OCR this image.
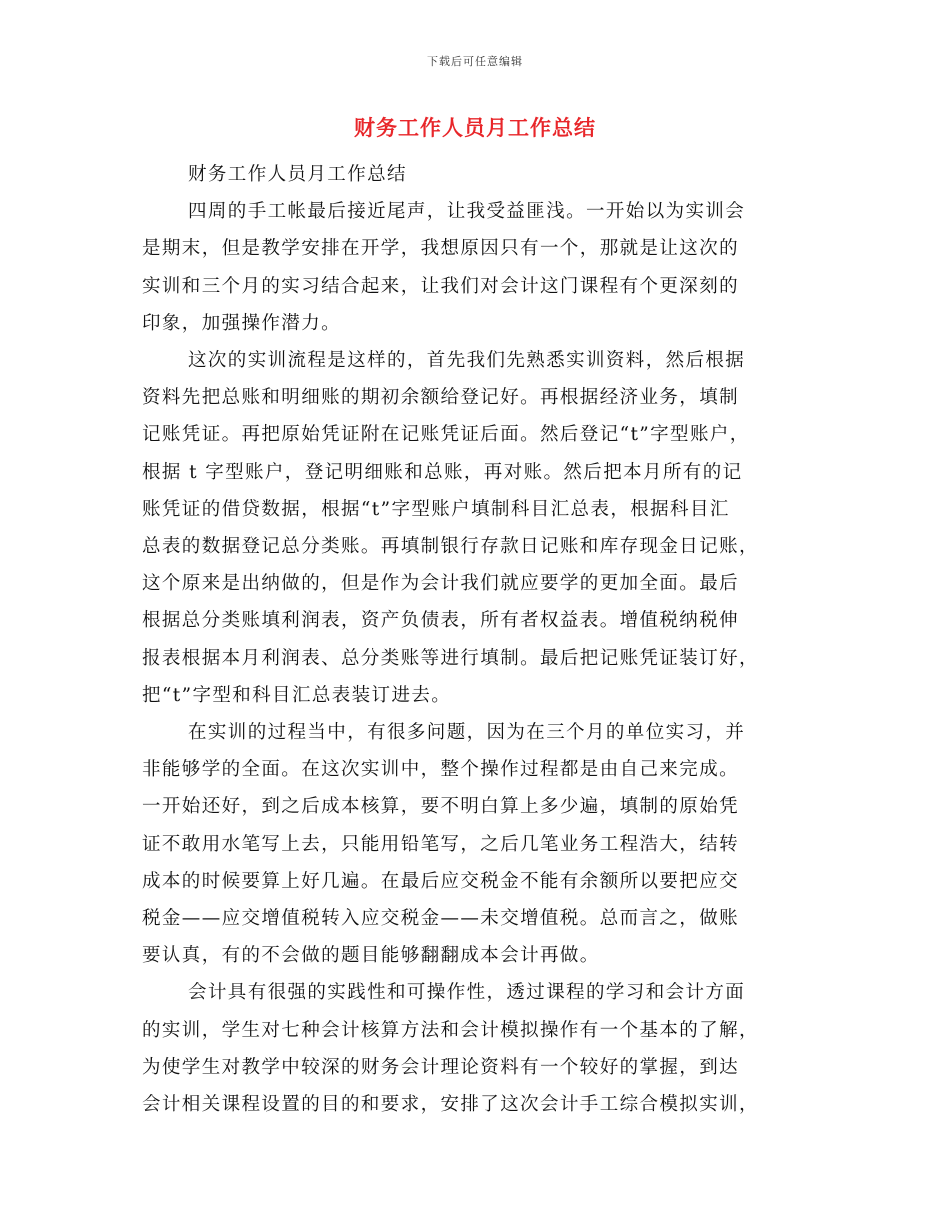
下载后可任意编辑
财务工作人员月工作总结

财务工作人员月工作总结

四周的手工帐最后接近尾声，让我受益匪浅。一开始以为实训会
是期末，但是教学安排在开学，我想原因只有一个，那就是让这次的
实训和三个月的实习结合起来，让我们对会计这门课程有个更深刻的
印象，加强操作潜力。

这次的实训流程是这样的，首先我们先熟悉实训资料，然后根据
资料先把总账和明细账的期初余额给登记好。再根据经济业务，填制
记账凭证。再把原始凭证附在记账凭证后面。然后登记“t”字型账户，
根据 t 字型账户，登记明细账和总账，再对账。然后把本月所有的记
账凭证的借贷数据，根据“t”字型账户填制科目汇总表，根据科目汇
总表的数据登记总分类账。再填制银行存款日记账和库存现金日记账，
这个原来是出纳做的，但是作为会计我们就应要学的更加全面。最后
根据总分类账填利润表，资产负债表，所有者权益表。增值税纳税伸
报表根据本月利润表、总分类账等进行填制。最后把记账凭证装订好，
把“t”字型和科目汇总表装订进去。

在实训的过程当中，有很多问题，因为在三个月的单位实习，并
非能够学的全面。在这次实训中，整个操作过程都是由自己来完成。
一开始还好，到之后成本核算，要不明白算上多少遍，填制的原始凭
证不敢用水笔写上去，只能用铅笔写，之后几笔业务工程浩大，结转
成本的时候要算上好几遍。在最后应交税金不能有余额所以要把应交
税金——应交增值税转入应交税金——未交增值税。总而言之，做账
要认真，有的不会做的题目能够翻翻成本会计再做。

会计具有很强的实践性和可操作性，透过课程的学习和会计方面
的实训，学生对七种会计核算方法和会计模拟操作有一个基本的了解，
为使学生对教学中较深的财务会计理论资料有一个较好的掌握，到达
会计相关课程设置的目的和要求，安排了这次会计手工综合模拟实训，
